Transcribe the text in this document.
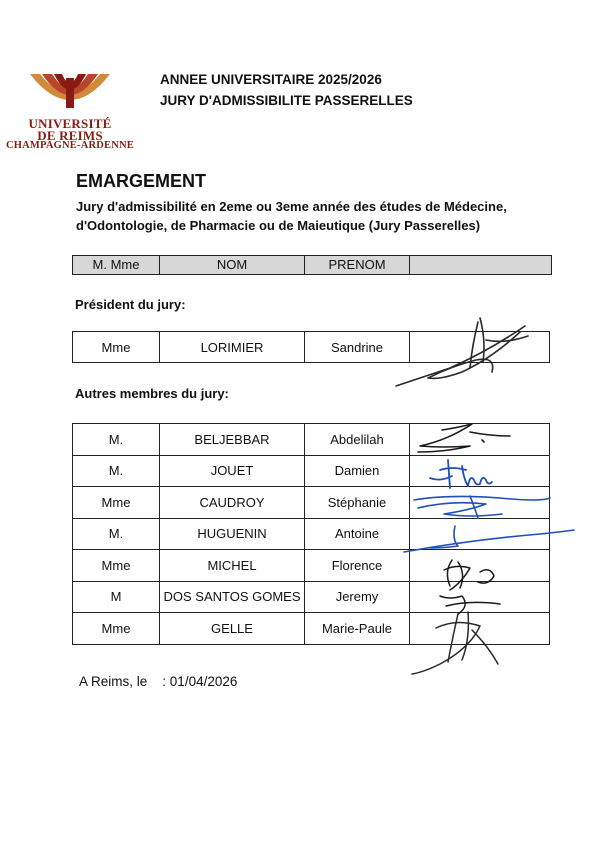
UNIVERSITÉ
DE REIMS
CHAMPAGNE-ARDENNE
ANNEE UNIVERSITAIRE 2025/2026
JURY D'ADMISSIBILITE PASSERELLES
EMARGEMENT
Jury d'admissibilité en 2eme ou 3eme année des études de Médecine,
d'Odontologie, de Pharmacie ou de Maieutique (Jury Passerelles)
M. Mme	NOM	PRENOM
Président du jury:
Mme	LORIMIER	Sandrine	
Autres membres du jury:
M.	BELJEBBAR	Abdelilah	
M.	JOUET	Damien	
Mme	CAUDROY	Stéphanie	
M.	HUGUENIN	Antoine	
Mme	MICHEL	Florence	
M	DOS SANTOS GOMES	Jeremy	
Mme	GELLE	Marie-Paule	
A Reims, le : 01/04/2026
